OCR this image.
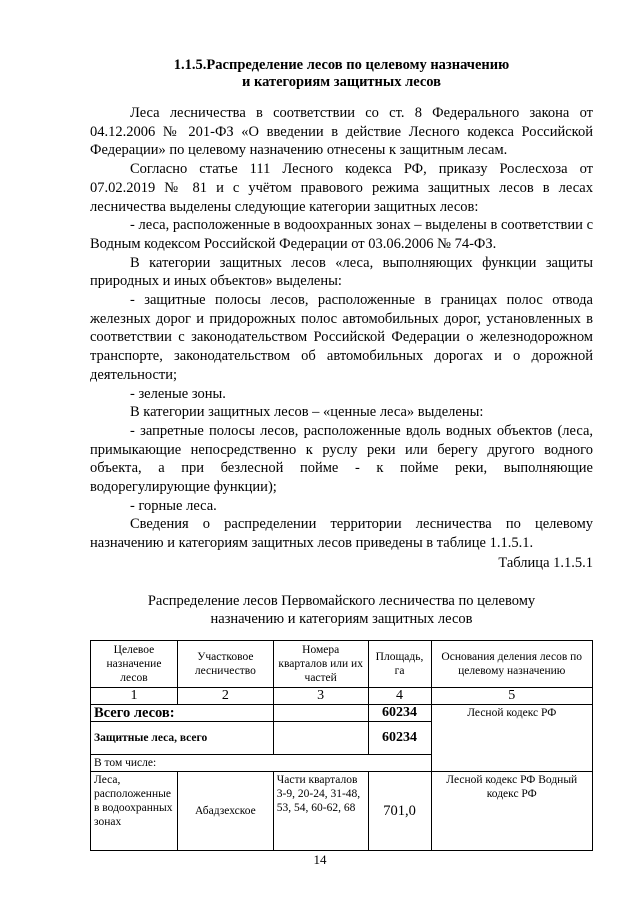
1.1.5.Распределение лесов по целевому назначению
и категориям защитных лесов

Леса лесничества в соответствии со ст. 8 Федерального закона от 04.12.2006 № 201-ФЗ «О введении в действие Лесного кодекса Российской Федерации» по целевому назначению отнесены к защитным лесам.

Согласно статье 111 Лесного кодекса РФ, приказу Рослесхоза от 07.02.2019 № 81 и с учётом правового режима защитных лесов в лесах лесничества выделены следующие категории защитных лесов:

- леса, расположенные в водоохранных зонах – выделены в соответствии с Водным кодексом Российской Федерации от 03.06.2006 № 74-ФЗ.

В категории защитных лесов «леса, выполняющих функции защиты природных и иных объектов» выделены:

- защитные полосы лесов, расположенные в границах полос отвода железных дорог и придорожных полос автомобильных дорог, установленных в соответствии с законодательством Российской Федерации о железнодорожном транспорте, законодательством об автомобильных дорогах и о дорожной деятельности;

- зеленые зоны.

В категории защитных лесов – «ценные леса» выделены:

- запретные полосы лесов, расположенные вдоль водных объектов (леса, примыкающие непосредственно к руслу реки или берегу другого водного объекта, а при безлесной пойме - к пойме реки, выполняющие водорегулирующие функции);

- горные леса.

Сведения о распределении территории лесничества по целевому назначению и категориям защитных лесов приведены в таблице 1.1.5.1.

Таблица 1.1.5.1
Распределение лесов Первомайского лесничества по целевому
назначению и категориям защитных лесов
Целевое назначение лесов	Участковое лесничество	Номера кварталов или их частей	Площадь, га	Основания деления лесов по целевому назначению
1	2	3	4	5
Всего лесов:			60234	Лесной кодекс РФ
Защитные леса, всего			60234	
В том числе:				
Леса, расположенные в водоохранных зонах	Абадзехское	Части кварталов 3-9, 20-24, 31-48, 53, 54, 60-62, 68	701,0	Лесной кодекс РФ Водный кодекс РФ
14
